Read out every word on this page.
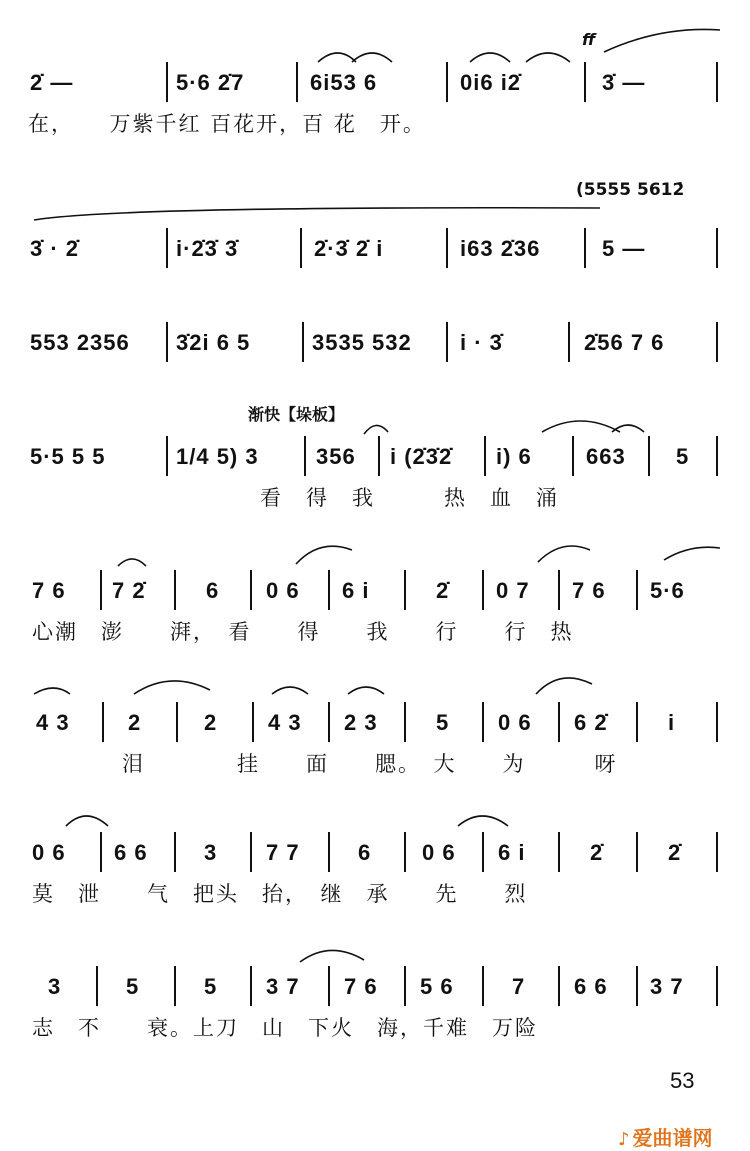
2̇ —	5·6 2̇7	6i53 6	0i6 i2̇	3̇ —
在，　　万紫千红 百花开，百 花　开。
ff
3̇ · 2̇	i·2̇3̇ 3̇	2̇·3̇ 2̇ i	i63 2̇36	5 —
(5555 5612̇
553 2356 3̇2i 6 5	3535 532 i · 3̇	2̇56 7 6
渐快【垛板】
5·5 5 5	1/4 5) 3	356 i (2̇3̇2̇ i) 6 663 5
看　得　我　　　热　血　涌
7 6 7 2̇	6 0 6 6 i	2̇ 0 7 7 6 5·6
心潮　澎　　湃，　看　　得　　我　　行　　行　热
4 3	2	2 4 3 2 3	5 0 6 6 2̇	i
泪　　　　挂　　面　　腮。　大　　为　　　呀
0 6 6 6	3 7 7	6 0 6 6 i	2̇	2̇
莫　泄　　气　把头　抬，　继　承　　先　　烈
3	5	5 3 7 7 6 5 6	7 6 6 3 7
志　不　　衰。上刀　山　下火　海，千难　万险
53
♪ 爱曲谱网
